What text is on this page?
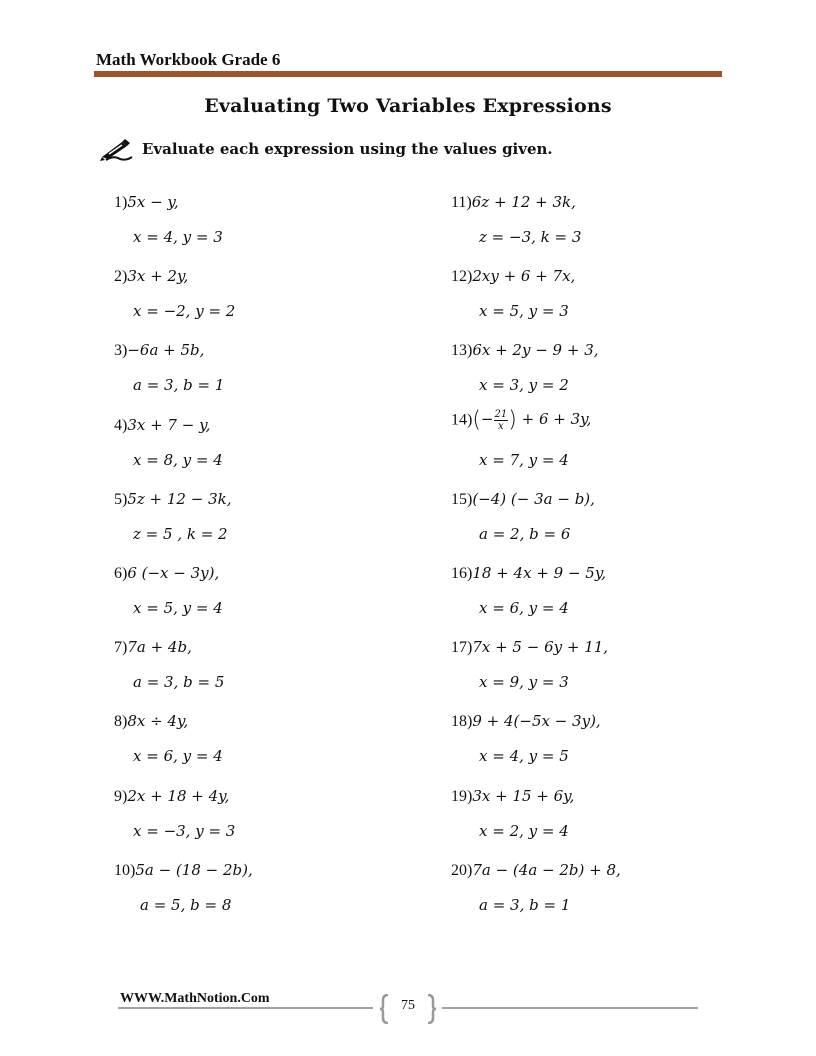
Math Workbook Grade 6
Evaluating Two Variables Expressions
Evaluate each expression using the values given.
1)5x − y,
x = 4, y = 3
2)3x + 2y,
x = −2, y = 2
3)−6a + 5b,
a = 3, b = 1
4)3x + 7 − y,
x = 8, y = 4
5)5z + 12 − 3k,
z = 5 , k = 2
6)6 (−x − 3y),
x = 5, y = 4
7)7a + 4b,
a = 3, b = 5
8)8x ÷ 4y,
x = 6, y = 4
9)2x + 18 + 4y,
x = −3, y = 3
10)5a − (18 − 2b),
a = 5, b = 8
11)6z + 12 + 3k,
z = −3, k = 3
12)2xy + 6 + 7x,
x = 5, y = 3
13)6x + 2y − 9 + 3,
x = 3, y = 2
$14)(- \frac{21}{x}$ ) + 6 + 3y,
x = 7, y = 4
15)(−4) (− 3a − b),
a = 2, b = 6
16)18 + 4x + 9 − 5y,
x = 6, y = 4
17)7x + 5 − 6y + 11,
x = 9, y = 3
18)9 + 4(−5x − 3y),
x = 4, y = 5
19)3x + 15 + 6y,
x = 2, y = 4
20)7a − (4a − 2b) + 8,
a = 3, b = 1
WWW.MathNotion.Com	75
